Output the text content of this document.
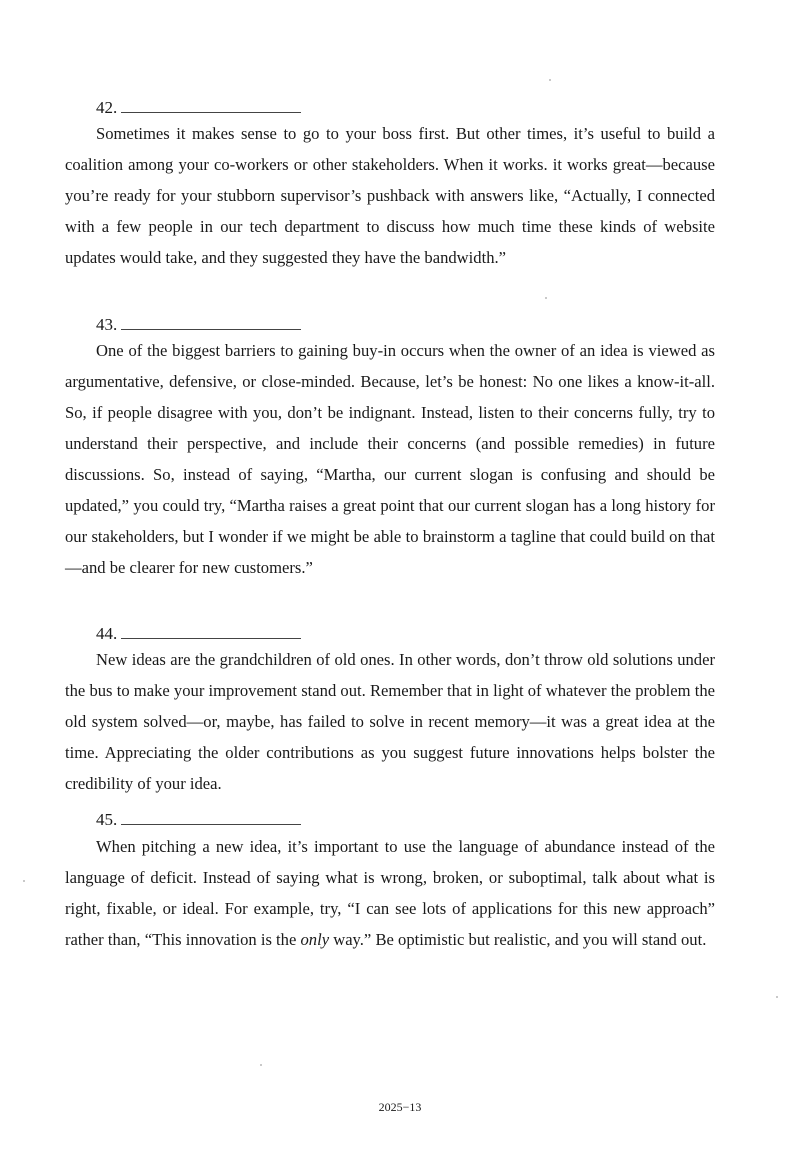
42.

Sometimes it makes sense to go to your boss first. But other times, it’s useful to build a coalition among your co-workers or other stakeholders. When it works. it works great—because you’re ready for your stubborn supervisor’s pushback with answers like, “Actually, I connected with a few people in our tech department to discuss how much time these kinds of website updates would take, and they suggested they have the bandwidth.”

43.

One of the biggest barriers to gaining buy-in occurs when the owner of an idea is viewed as argumentative, defensive, or close-minded. Because, let’s be honest: No one likes a know-it-all. So, if people disagree with you, don’t be indignant. Instead, listen to their concerns fully, try to understand their perspective, and include their concerns (and possible remedies) in future discussions. So, instead of saying, “Martha, our current slogan is confusing and should be updated,” you could try, “Martha raises a great point that our current slogan has a long history for our stakeholders, but I wonder if we might be able to brainstorm a tagline that could build on that—and be clearer for new customers.”

44.

New ideas are the grandchildren of old ones. In other words, don’t throw old solutions under the bus to make your improvement stand out. Remember that in light of whatever the problem the old system solved—or, maybe, has failed to solve in recent memory—it was a great idea at the time. Appreciating the older contributions as you suggest future innovations helps bolster the credibility of your idea.

45.

When pitching a new idea, it’s important to use the language of abundance instead of the language of deficit. Instead of saying what is wrong, broken, or suboptimal, talk about what is right, fixable, or ideal. For example, try, “I can see lots of applications for this new approach” rather than, “This innovation is the only way.” Be optimistic but realistic, and you will stand out.

2025−13
